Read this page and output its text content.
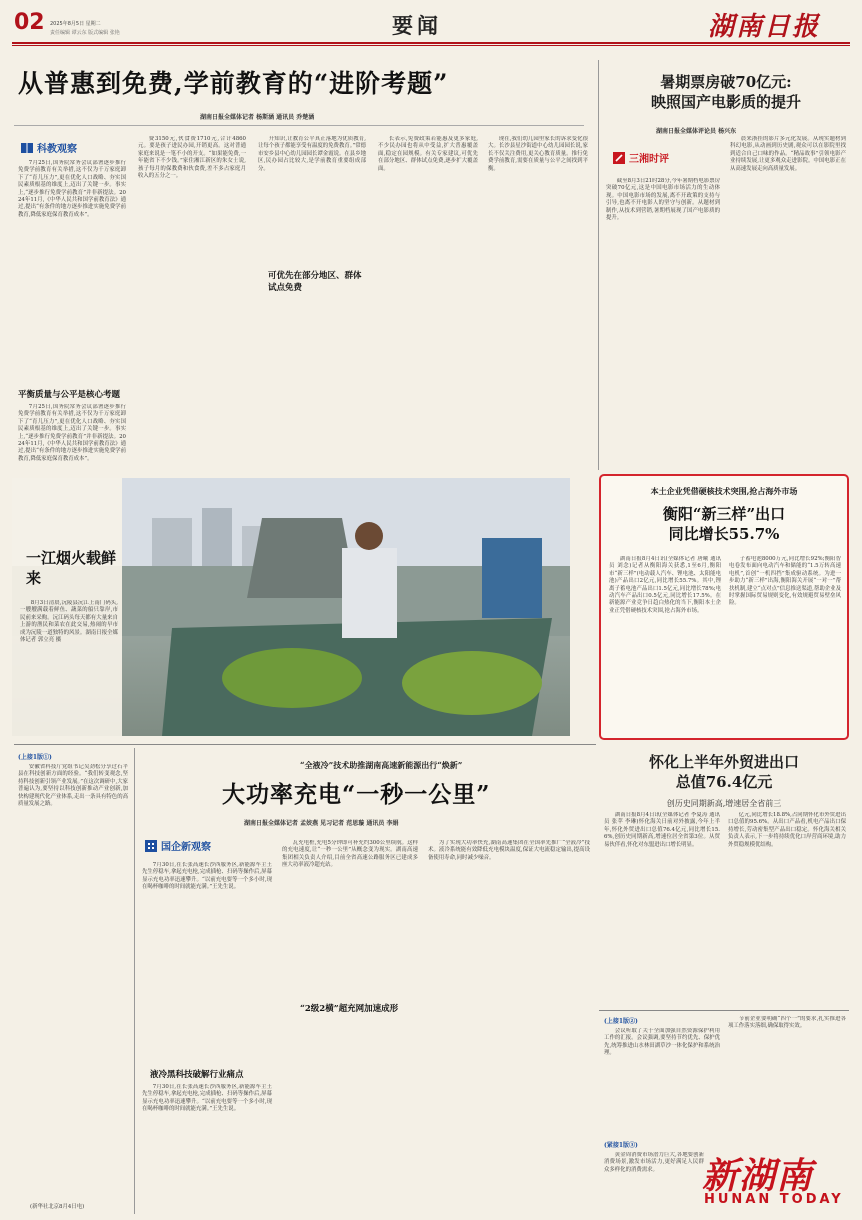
02 2025年8月5日 星期二
责任编辑 谭云东 版式编辑 张艳	要闻	湖南日报
从普惠到免费,学前教育的“进阶考题”
湖南日报全媒体记者 杨斯涵 通讯员 乔楚涵
科教观察

7月25日,国务院常务会议部署逐步推行免费学前教育有关举措,这不仅为千万家庭卸下了“育儿压力”,更在优化人口战略、夯实国民素质根基的维度上,迈出了关键一步。事实上,“逐步推行免费学前教育”并非新提法。2024年11月,《中华人民共和国学前教育法》通过,提出“有条件的地方逐步推进实施免费学前教育,降低家庭保育教育成本”。

平衡质量与公平是核心考题

7月25日,国务院常务会议部署逐步推行免费学前教育有关举措,这不仅为千万家庭卸下了“育儿压力”,更在优化人口战略、夯实国民素质根基的维度上,迈出了关键一步。事实上,“逐步推行免费学前教育”并非新提法。2024年11月,《中华人民共和国学前教育法》通过,提出“有条件的地方逐步推进实施免费学前教育,降低家庭保育教育成本”。

费3150元,伙食费1710元,合计4860元。要是孩子进民办园,开销更高。这对普通家庭来说是一笔不小的开支。“如果能免费,一年能省下不少钱。”家住湘江新区的朱女士说,孩子每月的保教费和伙食费,差不多占家庭月收入的五分之一。

升知识,让教育公平真正落地为优质教育,让每个孩子都能享受有温度的免费教育。”常德市安乡县中心幼儿园园长谭金霞说。在县乡地区,民办园占比较大,是学前教育重要组成部分。

可优先在部分地区、群体试点免费

长表示,免费政策若能惠及更多家庭,不少民办园也将从中受益,扩大普惠覆盖面,稳定在园规模。有关专家建议,可优先在部分地区、群体试点免费,逐步扩大覆盖面。

现在,我们幼儿园里家长的诉求变化很大。长沙县星沙街道中心幼儿园园长说,家长不仅关注费用,更关心教育质量。推行免费学前教育,需要在质量与公平之间找到平衡。

暑期票房破70亿元:
映照国产电影质的提升
湖南日报全媒体评论员 杨兴东
三湘时评

截至8月3日21时28分,今年暑期档电影票房突破70亿元,这是中国电影市场活力的生动体现。中国电影市场的发展,离不开政策的支持与引导,也离不开电影人的坚守与创新。从题材到制作,从技术到营销,暑期档展现了国产电影质的提升。

晨来浙挂的影片多元化发展。从现实题材到科幻电影,从动画到历史剧,观众可以在影院里找到适合自己口味的作品。“精品故事”引领电影产业持续发展,让更多观众走进影院。中国电影正在从高速发展走向高质量发展。

一江烟火载鲜来

8月3日清晨,沅陵县沅江上南门码头,一艘艘满载着鲜鱼、蔬菜的船只靠岸,市民前来采购。沅江码头每天都有大量来自上游的渔民和菜农在此交易,热闹的早市成为沅陵一道独特的风景。湖南日报全媒体记者 郭立亮 摄

本土企业凭借硬核技术突围,抢占海外市场
衡阳“新三样”出口
同比增长55.7%

湖南日报8月4日讯(全媒体记者 唐曦 通讯员 刘念)记者从衡阳海关获悉,1至6月,衡阳市“新三样”(电动载人汽车、锂电池、太阳能电池)产品出口2亿元,同比增长55.7%。其中,锂离子蓄电池产品出口1.5亿元,同比增长78%;电动汽车产品出口0.5亿元,同比增长17.5%。在新能源产业竞争日趋白热化的当下,衡阳本土企业正凭借硬核技术突围,抢占海外市场。

子蓄电池8000万元,同比增长92%;衡阳智电卷发布面向电动汽车和储能的“1.5万转高速电机”,首创“一机四挡”集成驱动系统。为进一步助力“新三样”出海,衡阳海关开展“一对一”帮扶机制,建立“点对点”信息推送渠道,帮助企业及时掌握国际贸易规则变化,有效规避贸易壁垒风险。

怀化上半年外贸进出口
总值76.4亿元
创历史同期新高,增速居全省前三

湖南日报8月4日讯(全媒体记者 李夏涛 通讯员 张苹 李琳)怀化海关日前对外披露,今年上半年,怀化外贸进出口总值76.4亿元,同比增长15.6%,创历史同期新高,增速位居全省第3位。从贸易伙伴看,怀化对东盟进出口增长明显。

亿元,同比增长18.8%,占同期怀化市外贸进出口总值的95.6%。从出口产品看,机电产品出口保持增长,劳动密集型产品出口稳定。怀化海关相关负责人表示,下一步将持续优化口岸营商环境,助力外贸稳规模优结构。

(上接1版①)

安徽省科技厅党组书记吴劲松分享过石平县在科技创新方面的经验。“我们转变观念,坚持科技创新引领产业发展。”在这次调研中,大家普遍认为,要坚持以科技创新推动产业创新,加快构建现代化产业体系,走出一条具有特色的高质量发展之路。

(新华社北京8月4日电)
“全液冷”技术助推湖南高速新能源出行“焕新”
大功率充电“一秒一公里”
湖南日报全媒体记者 孟姣燕 见习记者 范思璇 通讯员 李娟
国企新观察

7月30日,在长张高速长沙西服务区,新能源车主王先生停稳车,拿起充电枪,完成插枪、扫码等操作后,屏幕显示充电功率迅速攀升。“以前充电要等一个多小时,现在喝杯咖啡的时间就能充满。”王先生说。

液冷黑科技破解行业痛点

7月30日,在长张高速长沙西服务区,新能源车主王先生停稳车,拿起充电枪,完成插枪、扫码等操作后,屏幕显示充电功率迅速攀升。“以前充电要等一个多小时,现在喝杯咖啡的时间就能充满。”王先生说。

瓦充电桩,充电5分钟即可补充约300公里续航。这样的充电速度,让“一秒一公里”从概念变为现实。湖南高速集团相关负责人介绍,目前全省高速公路服务区已建成多座大功率液冷超充站。

“2级2横”超充网加速成形

为了实现大功率快充,湖南高速集团在全国率先推广“全液冷”技术。液冷系统能有效降低充电模块温度,保证大电流稳定输出,提高设备使用寿命,同时减少噪音。

(上接1版②)

会议听取了关于全面加强自然资源保护利用工作的汇报。会议强调,要坚持节约优先、保护优先,统筹推进山水林田湖草沙一体化保护和系统治理。

节前企业要明确“四个一”的要求,扎实推进各项工作落实落细,确保取得实效。

(紧接1版③)

黄金周消费市场潜力巨大,各地要创新消费场景,激发市场活力,更好满足人民群众多样化的消费需求。	新湖南
HUNAN TODAY
